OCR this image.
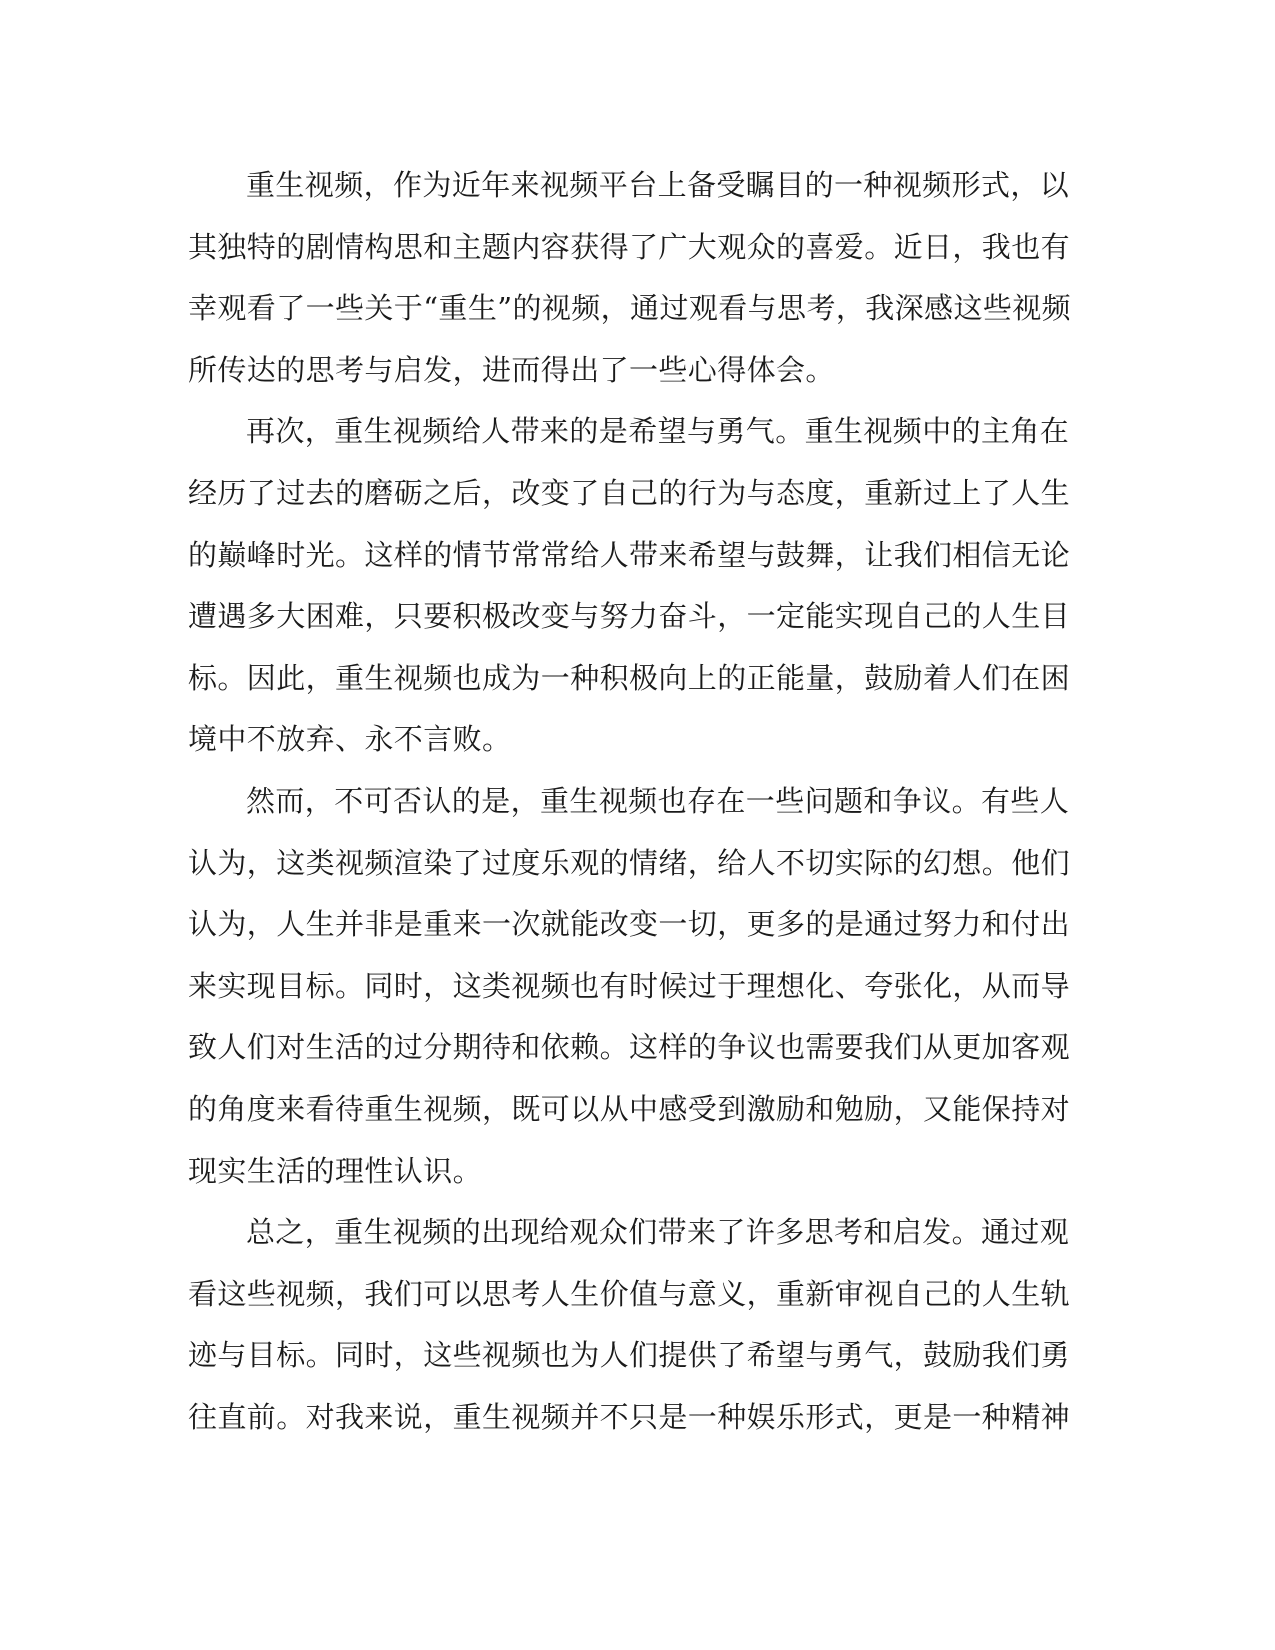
重生视频，作为近年来视频平台上备受瞩目的一种视频形式，以
其独特的剧情构思和主题内容获得了广大观众的喜爱。近日，我也有
幸观看了一些关于“重生”的视频，通过观看与思考，我深感这些视频
所传达的思考与启发，进而得出了一些心得体会。

再次，重生视频给人带来的是希望与勇气。重生视频中的主角在
经历了过去的磨砺之后，改变了自己的行为与态度，重新过上了人生
的巅峰时光。这样的情节常常给人带来希望与鼓舞，让我们相信无论
遭遇多大困难，只要积极改变与努力奋斗，一定能实现自己的人生目
标。因此，重生视频也成为一种积极向上的正能量，鼓励着人们在困
境中不放弃、永不言败。

然而，不可否认的是，重生视频也存在一些问题和争议。有些人
认为，这类视频渲染了过度乐观的情绪，给人不切实际的幻想。他们
认为，人生并非是重来一次就能改变一切，更多的是通过努力和付出
来实现目标。同时，这类视频也有时候过于理想化、夸张化，从而导
致人们对生活的过分期待和依赖。这样的争议也需要我们从更加客观
的角度来看待重生视频，既可以从中感受到激励和勉励，又能保持对
现实生活的理性认识。

总之，重生视频的出现给观众们带来了许多思考和启发。通过观
看这些视频，我们可以思考人生价值与意义，重新审视自己的人生轨
迹与目标。同时，这些视频也为人们提供了希望与勇气，鼓励我们勇
往直前。对我来说，重生视频并不只是一种娱乐形式，更是一种精神
